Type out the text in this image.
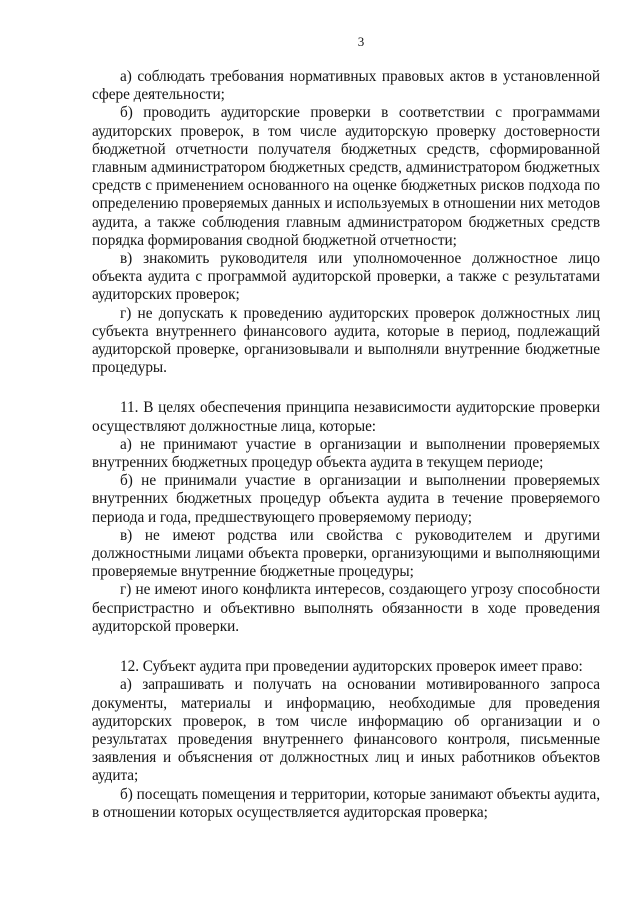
3

а) соблюдать требования нормативных правовых актов в установленной сфере деятельности;

б) проводить аудиторские проверки в соответствии с программами аудиторских проверок, в том числе аудиторскую проверку достоверности бюджетной отчетности получателя бюджетных средств, сформированной главным администратором бюджетных средств, администратором бюджетных средств с применением основанного на оценке бюджетных рисков подхода по определению проверяемых данных и используемых в отношении них методов аудита, а также соблюдения главным администратором бюджетных средств порядка формирования сводной бюджетной отчетности;

в) знакомить руководителя или уполномоченное должностное лицо объекта аудита с программой аудиторской проверки, а также с результатами аудиторских проверок;

г) не допускать к проведению аудиторских проверок должностных лиц субъекта внутреннего финансового аудита, которые в период, подлежащий аудиторской проверке, организовывали и выполняли внутренние бюджетные процедуры.

11. В целях обеспечения принципа независимости аудиторские проверки осуществляют должностные лица, которые:

а) не принимают участие в организации и выполнении проверяемых внутренних бюджетных процедур объекта аудита в текущем периоде;

б) не принимали участие в организации и выполнении проверяемых внутренних бюджетных процедур объекта аудита в течение проверяемого периода и года, предшествующего проверяемому периоду;

в) не имеют родства или свойства с руководителем и другими должностными лицами объекта проверки, организующими и выполняющими проверяемые внутренние бюджетные процедуры;

г) не имеют иного конфликта интересов, создающего угрозу способности беспристрастно и объективно выполнять обязанности в ходе проведения аудиторской проверки.

12. Субъект аудита при проведении аудиторских проверок имеет право:

а) запрашивать и получать на основании мотивированного запроса документы, материалы и информацию, необходимые для проведения аудиторских проверок, в том числе информацию об организации и о результатах проведения внутреннего финансового контроля, письменные заявления и объяснения от должностных лиц и иных работников объектов аудита;

б) посещать помещения и территории, которые занимают объекты аудита, в отношении которых осуществляется аудиторская проверка;
